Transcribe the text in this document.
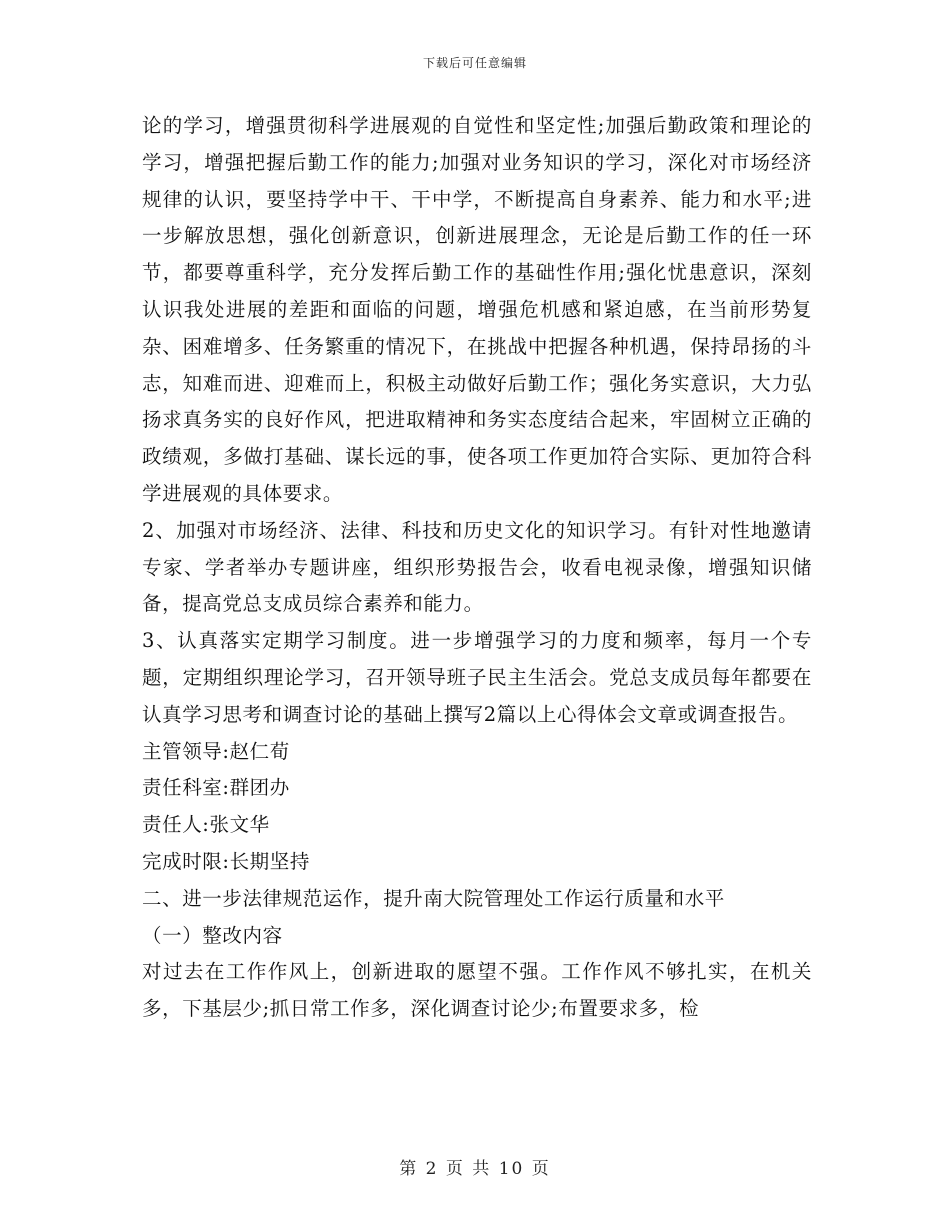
下载后可任意编辑

论的学习，增强贯彻科学进展观的自觉性和坚定性;加强后勤政策和理论的学习，增强把握后勤工作的能力;加强对业务知识的学习，深化对市场经济规律的认识，要坚持学中干、干中学，不断提高自身素养、能力和水平;进一步解放思想，强化创新意识，创新进展理念，无论是后勤工作的任一环节，都要尊重科学，充分发挥后勤工作的基础性作用;强化忧患意识，深刻认识我处进展的差距和面临的问题，增强危机感和紧迫感，在当前形势复杂、困难增多、任务繁重的情况下，在挑战中把握各种机遇，保持昂扬的斗志，知难而进、迎难而上，积极主动做好后勤工作；强化务实意识，大力弘扬求真务实的良好作风，把进取精神和务实态度结合起来，牢固树立正确的政绩观，多做打基础、谋长远的事，使各项工作更加符合实际、更加符合科学进展观的具体要求。

2、加强对市场经济、法律、科技和历史文化的知识学习。有针对性地邀请专家、学者举办专题讲座，组织形势报告会，收看电视录像，增强知识储备，提高党总支成员综合素养和能力。

3、认真落实定期学习制度。进一步增强学习的力度和频率，每月一个专题，定期组织理论学习，召开领导班子民主生活会。党总支成员每年都要在认真学习思考和调查讨论的基础上撰写2篇以上心得体会文章或调查报告。

主管领导:赵仁荀

责任科室:群团办

责任人:张文华

完成时限:长期坚持

二、进一步法律规范运作，提升南大院管理处工作运行质量和水平

（一）整改内容

对过去在工作作风上，创新进取的愿望不强。工作作风不够扎实，在机关多，下基层少;抓日常工作多，深化调查讨论少;布置要求多，检

第 2 页 共 10 页
